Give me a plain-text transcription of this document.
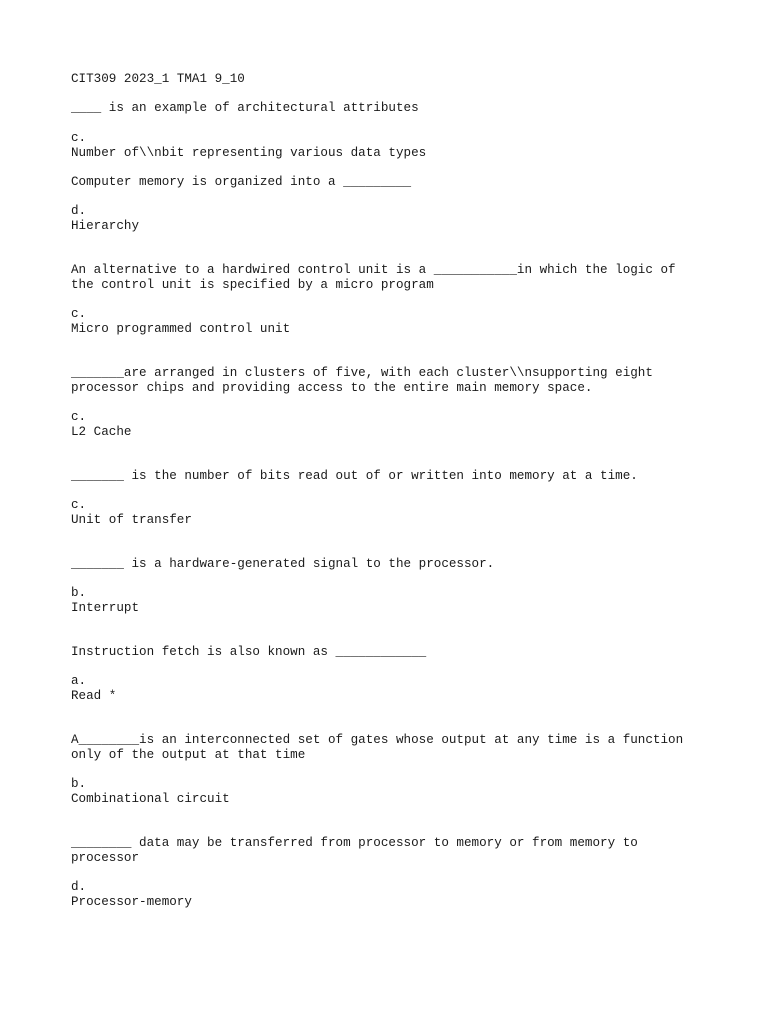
CIT309 2023_1 TMA1 9_10
____ is an example of architectural attributes
c.
Number of\\nbit representing various data types
Computer memory is organized into a _________
d.
Hierarchy
An alternative to a hardwired control unit is a ___________in which the logic of
the control unit is specified by a micro program
c.
Micro programmed control unit
_______are arranged in clusters of five, with each cluster\\nsupporting eight
processor chips and providing access to the entire main memory space.
c.
L2 Cache
_______ is the number of bits read out of or written into memory at a time.
c.
Unit of transfer
_______ is a hardware-generated signal to the processor.
b.
Interrupt
Instruction fetch is also known as ____________
a.
Read *
A________is an interconnected set of gates whose output at any time is a function
only of the output at that time
b.
Combinational circuit
________ data may be transferred from processor to memory or from memory to
processor
d.
Processor-memory
